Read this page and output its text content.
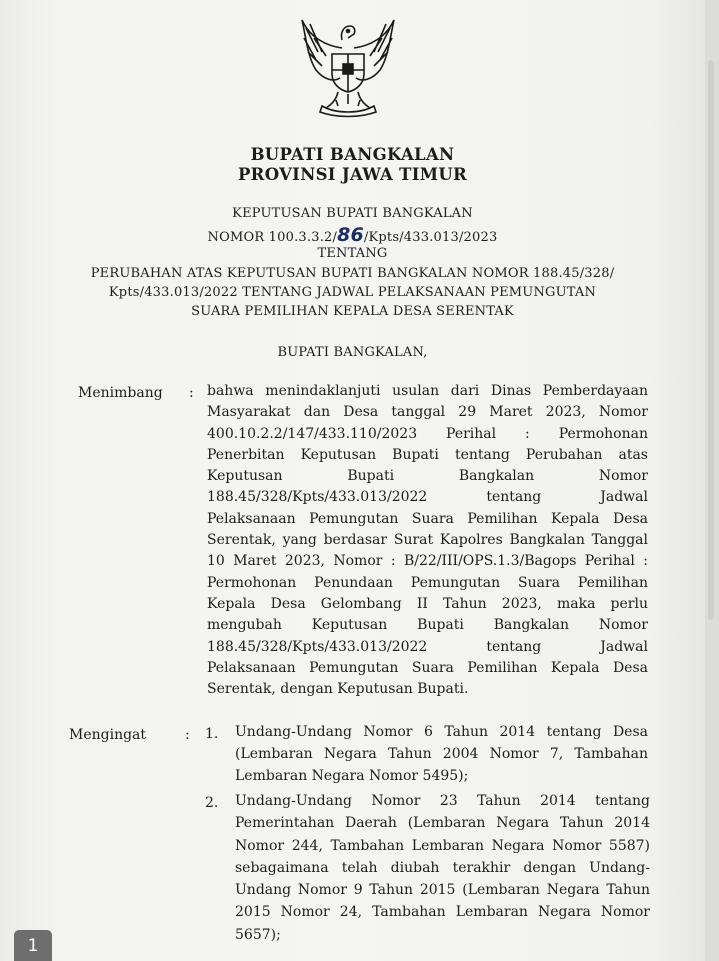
BUPATI BANGKALAN
PROVINSI JAWA TIMUR
KEPUTUSAN BUPATI BANGKALAN
NOMOR 100.3.3.2/86/Kpts/433.013/2023
TENTANG
PERUBAHAN ATAS KEPUTUSAN BUPATI BANGKALAN NOMOR 188.45/328/
Kpts/433.013/2022 TENTANG JADWAL PELAKSANAAN PEMUNGUTAN
SUARA PEMILIHAN KEPALA DESA SERENTAK
BUPATI BANGKALAN,
Menimbang : bahwa menindaklanjuti usulan dari Dinas Pemberdayaan
Masyarakat dan Desa tanggal 29 Maret 2023, Nomor
400.10.2.2/147/433.110/2023 Perihal : Permohonan
Penerbitan Keputusan Bupati tentang Perubahan atas
Keputusan Bupati Bangkalan Nomor
188.45/328/Kpts/433.013/2022 tentang Jadwal
Pelaksanaan Pemungutan Suara Pemilihan Kepala Desa
Serentak, yang berdasar Surat Kapolres Bangkalan Tanggal
10 Maret 2023, Nomor : B/22/III/OPS.1.3/Bagops Perihal :
Permohonan Penundaan Pemungutan Suara Pemilihan
Kepala Desa Gelombang II Tahun 2023, maka perlu
mengubah Keputusan Bupati Bangkalan Nomor
188.45/328/Kpts/433.013/2022 tentang Jadwal
Pelaksanaan Pemungutan Suara Pemilihan Kepala Desa
Serentak, dengan Keputusan Bupati.
Mengingat	: 1. Undang-Undang Nomor 6 Tahun 2014 tentang Desa
(Lembaran Negara Tahun 2004 Nomor 7, Tambahan
Lembaran Negara Nomor 5495);
2. Undang-Undang Nomor 23 Tahun 2014 tentang
Pemerintahan Daerah (Lembaran Negara Tahun 2014
Nomor 244, Tambahan Lembaran Negara Nomor 5587)
sebagaimana telah diubah terakhir dengan Undang-
Undang Nomor 9 Tahun 2015 (Lembaran Negara Tahun
2015 Nomor 24, Tambahan Lembaran Negara Nomor
5657);
1
